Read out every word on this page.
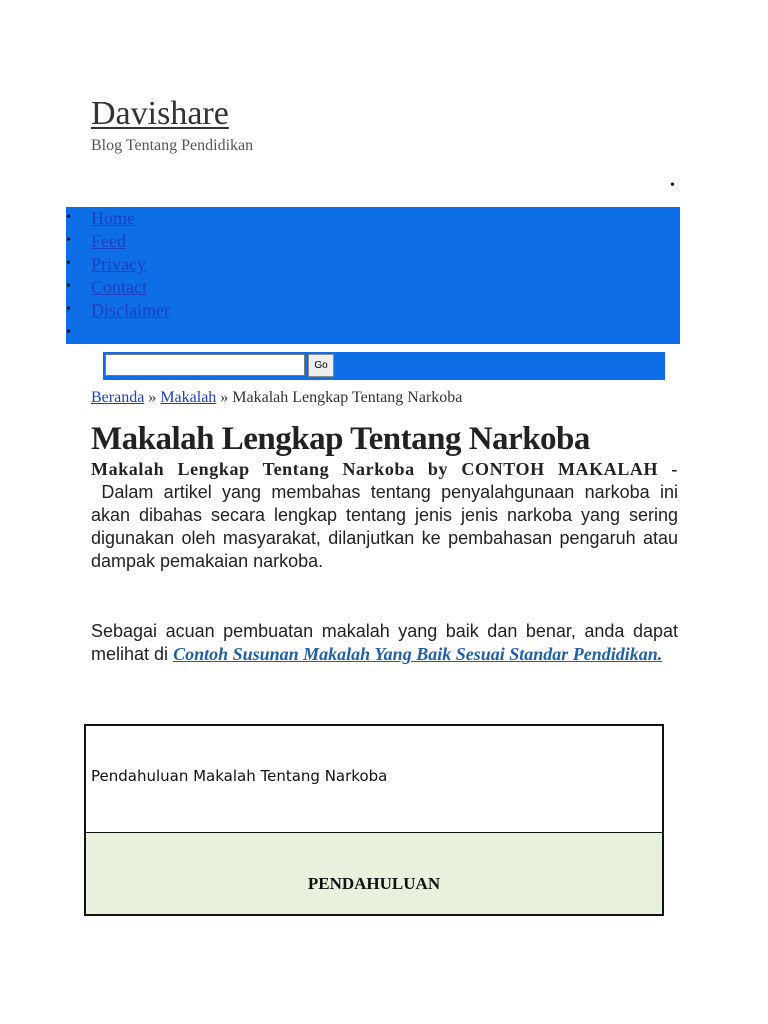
Davishare
Blog Tentang Pendidikan
•
• Home
• Feed
• Privacy
• Contact
• Disclaimer
•
Go
Beranda » Makalah » Makalah Lengkap Tentang Narkoba
Makalah Lengkap Tentang Narkoba

Makalah Lengkap Tentang Narkoba by CONTOH MAKALAH -  Dalam artikel yang membahas tentang penyalahgunaan narkoba ini akan dibahas secara lengkap tentang jenis jenis narkoba yang sering digunakan oleh masyarakat, dilanjutkan ke pembahasan pengaruh atau dampak pemakaian narkoba.

Sebagai acuan pembuatan makalah yang baik dan benar, anda dapat melihat di Contoh Susunan Makalah Yang Baik Sesuai Standar Pendidikan.

Pendahuluan Makalah Tentang Narkoba
PENDAHULUAN
